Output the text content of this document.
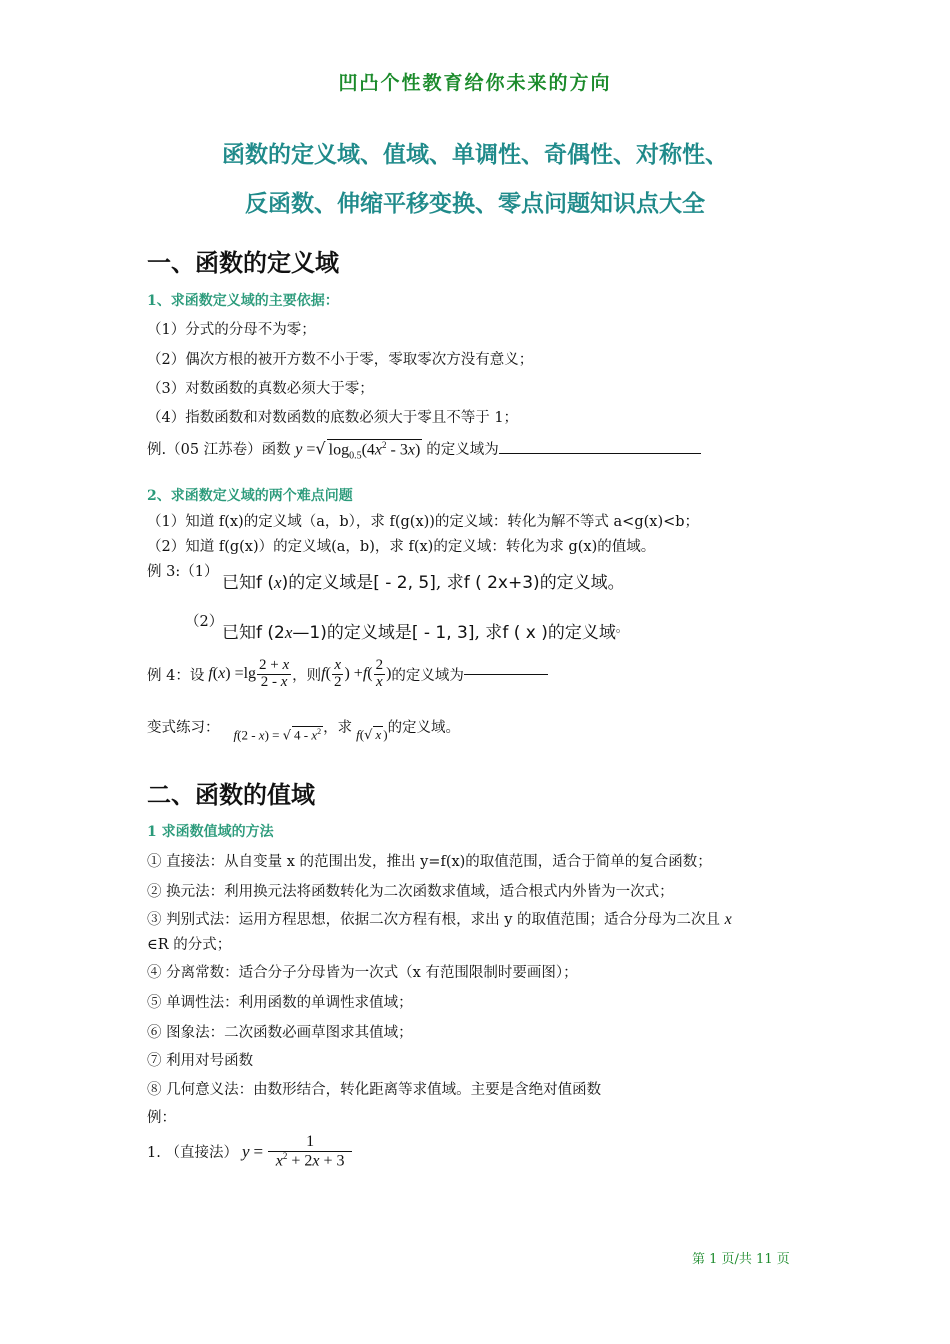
凹凸个性教育给你未来的方向
函数的定义域、值域、单调性、奇偶性、对称性、
反函数、伸缩平移变换、零点问题知识点大全
一、函数的定义域
1、求函数定义域的主要依据：
（1）分式的分母不为零；
（2）偶次方根的被开方数不小于零，零取零次方没有意义；
（3）对数函数的真数必须大于零；
（4）指数函数和对数函数的底数必须大于零且不等于 1；
例.（05 江苏卷）函数 y =√ $\log_{0.5}(4x^2 - 3x)$ 的定义域为
2、求函数定义域的两个难点问题
（1）知道 f(x)的定义域（a，b），求 f(g(x))的定义域：转化为解不等式 a<g(x)<b；
（2）知道 f(g(x)）的定义域(a，b)，求 f(x)的定义域：转化为求 g(x)的值域。
例 3:（1）
已知f (x)的定义域是[ - 2, 5], 求f ( 2x+3)的定义域。
（2）
已知f (2x—1)的定义域是[ - 1, 3], 求f ( x )的定义域。
例 4：设 f $(x) =\lg \frac{2 + x}{2 - x}$ ，则 f ( $\frac{x}{2}$ ) + f ( $\frac{2}{x}$ ) 的定义域为
变式练习： f(2 - x) = √ $4 - x^2$ ，求 f(√ x ) 的定义域。
二、函数的值域
1 求函数值域的方法
① 直接法：从自变量 x 的范围出发，推出 y=f(x)的取值范围，适合于简单的复合函数；
② 换元法：利用换元法将函数转化为二次函数求值域，适合根式内外皆为一次式；
③ 判别式法：运用方程思想，依据二次方程有根，求出 y 的取值范围；适合分母为二次且 x
∈R 的分式；
④ 分离常数：适合分子分母皆为一次式（x 有范围限制时要画图）；
⑤ 单调性法：利用函数的单调性求值域；
⑥ 图象法：二次函数必画草图求其值域；
⑦ 利用对号函数
⑧ 几何意义法：由数形结合，转化距离等求值域。主要是含绝对值函数
例：
1. （直接法） $y = \frac{1}{x^2 + 2x + 3}$
第 1 页/共 11 页
